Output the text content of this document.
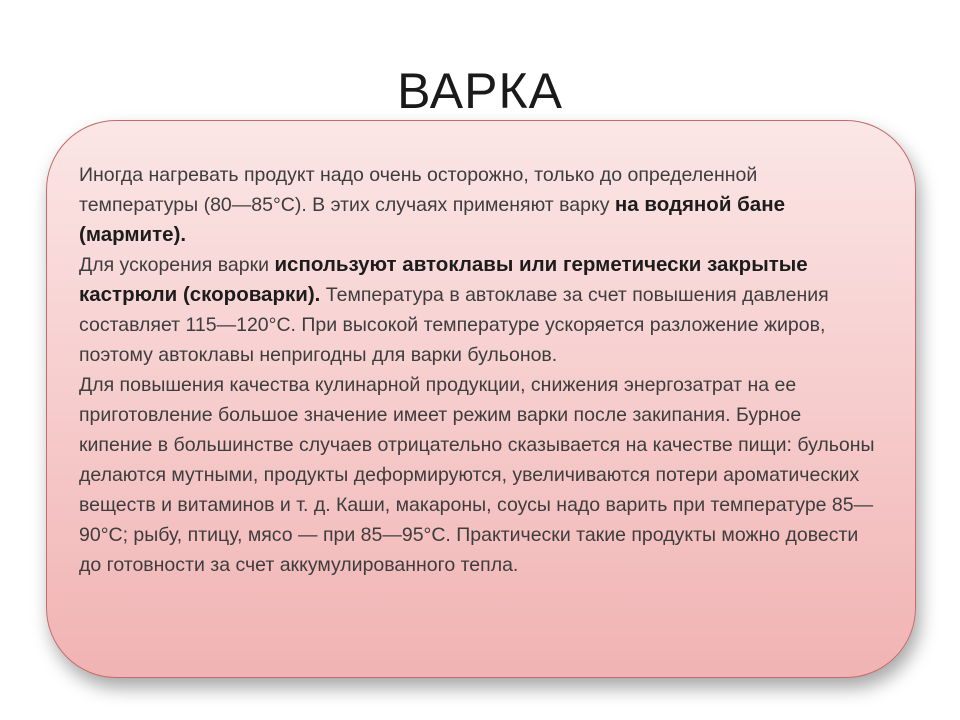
ВАРКА

Иногда нагревать продукт надо очень осторожно, только до определенной температуры (80—85°С). В этих случаях применяют варку на водяной бане (мармите).

Для ускорения варки используют автоклавы или герметически закрытые кастрюли (скороварки). Температура в автоклаве за счет повышения давления составляет 115—120°С. При высокой температуре ускоряется разложение жиров, поэтому автоклавы непригодны для варки бульонов.

Для повышения качества кулинарной продукции, снижения энергозатрат на ее приготовление большое значение имеет режим варки после закипания. Бурное кипение в большинстве случаев отрицательно сказывается на качестве пищи: бульоны делаются мутными, продукты деформируются, увеличиваются потери ароматических веществ и витаминов и т. д. Каши, макароны, соусы надо варить при температуре 85— 90°С; рыбу, птицу, мясо — при 85—95°С. Практически такие продукты можно довести до готовности за счет аккумулированного тепла.
